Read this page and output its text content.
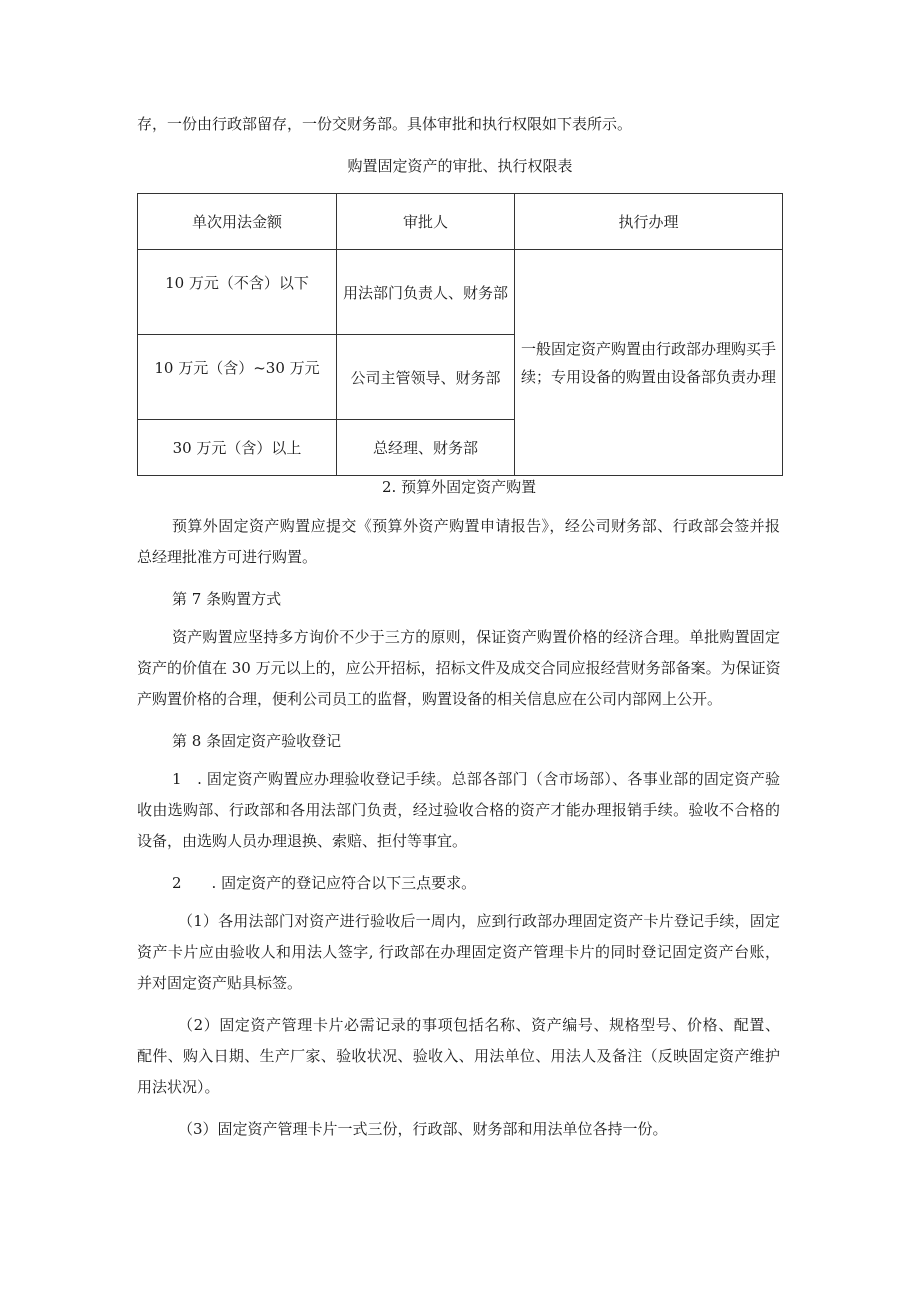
存，一份由行政部留存，一份交财务部。具体审批和执行权限如下表所示。
购置固定资产的审批、执行权限表
单次用法金额	审批人	执行办理
10 万元（不含）以下	用法部门负责人、财务部	一般固定资产购置由行政部办理购买手
续；专用设备的购置由设备部负责办理

10 万元（含）~30 万元	公司主管领导、财务部	
30 万元（含）以上	总经理、财务部	
2. 预算外固定资产购置
预算外固定资产购置应提交《预算外资产购置申请报告》，经公司财务部、行政部会签并报
总经理批准方可进行购置。
第 7 条购置方式
资产购置应坚持多方询价不少于三方的原则，保证资产购置价格的经济合理。单批购置固定
资产的价值在 30 万元以上的，应公开招标，招标文件及成交合同应报经营财务部备案。为保证资
产购置价格的合理，便利公司员工的监督，购置设备的相关信息应在公司内部网上公开。
第 8 条固定资产验收登记
1　. 固定资产购置应办理验收登记手续。总部各部门（含市场部）、各事业部的固定资产验
收由选购部、行政部和各用法部门负责，经过验收合格的资产才能办理报销手续。验收不合格的
设备，由选购人员办理退换、索赔、拒付等事宜。
2　　. 固定资产的登记应符合以下三点要求。
（1）各用法部门对资产进行验收后一周内，应到行政部办理固定资产卡片登记手续，固定
资产卡片应由验收人和用法人签字, 行政部在办理固定资产管理卡片的同时登记固定资产台账，
并对固定资产贴具标签。
（2）固定资产管理卡片必需记录的事项包括名称、资产编号、规格型号、价格、配置、
配件、购入日期、生产厂家、验收状况、验收入、用法单位、用法人及备注（反映固定资产维护
用法状况）。
（3）固定资产管理卡片一式三份，行政部、财务部和用法单位各持一份。
